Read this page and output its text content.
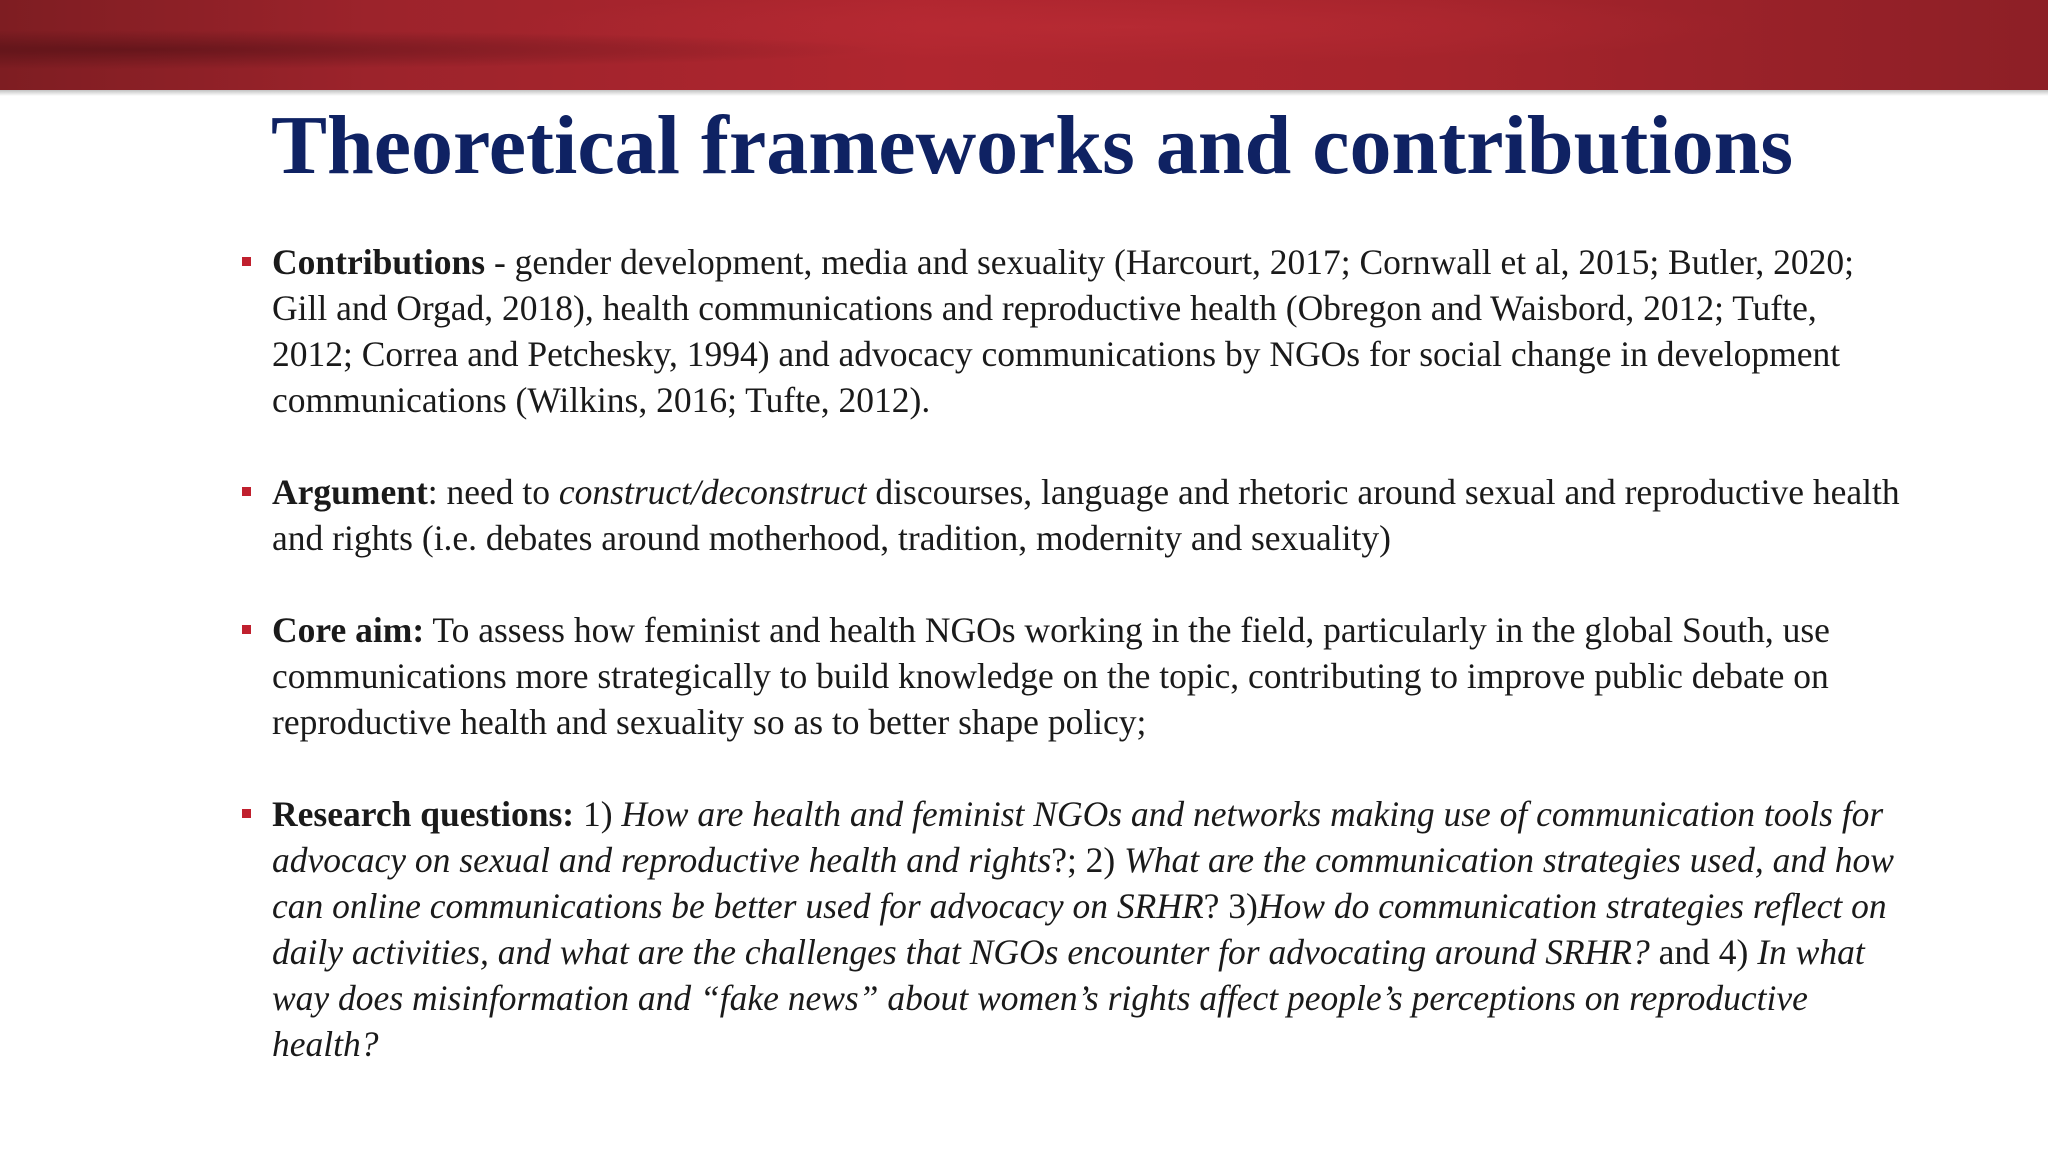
Theoretical frameworks and contributions
Contributions - gender development, media and sexuality (Harcourt, 2017; Cornwall et al, 2015; Butler, 2020; Gill and Orgad, 2018), health communications and reproductive health (Obregon and Waisbord, 2012; Tufte, 2012; Correa and Petchesky, 1994) and advocacy communications by NGOs for social change in development communications (Wilkins, 2016; Tufte, 2012).
Argument: need to construct/deconstruct discourses, language and rhetoric around sexual and reproductive health and rights (i.e. debates around motherhood, tradition, modernity and sexuality)
Core aim: To assess how feminist and health NGOs working in the field, particularly in the global South, use communications more strategically to build knowledge on the topic, contributing to improve public debate on reproductive health and sexuality so as to better shape policy;
Research questions: 1) How are health and feminist NGOs and networks making use of communication tools for advocacy on sexual and reproductive health and rights?; 2) What are the communication strategies used, and how can online communications be better used for advocacy on SRHR? 3)How do communication strategies reflect on daily activities, and what are the challenges that NGOs encounter for advocating around SRHR? and 4) In what way does misinformation and “fake news” about women’s rights affect people’s perceptions on reproductive health?
